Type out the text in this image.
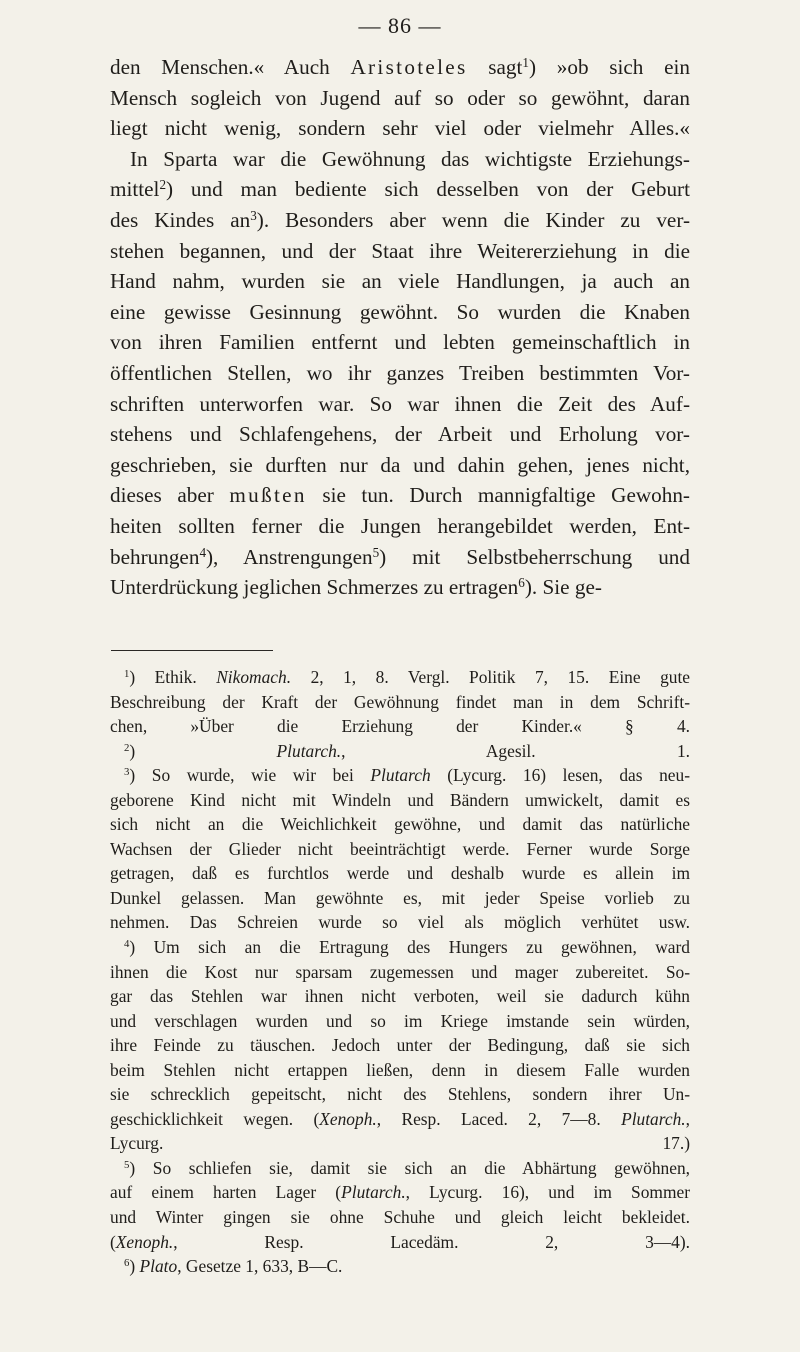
— 86 —
den Menschen.« Auch Aristoteles sagt$^1$) »ob sich ein
Mensch sogleich von Jugend auf so oder so gewöhnt, daran
liegt nicht wenig, sondern sehr viel oder vielmehr Alles.«
In Sparta war die Gewöhnung das wichtigste Erziehungs-
mittel$^2$) und man bediente sich desselben von der Geburt
des Kindes $an^3$). Besonders aber wenn die Kinder zu ver-
stehen begannen, und der Staat ihre Weitererziehung in die
Hand nahm, wurden sie an viele Handlungen, ja auch an
eine gewisse Gesinnung gewöhnt. So wurden die Knaben
von ihren Familien entfernt und lebten gemeinschaftlich in
öffentlichen Stellen, wo ihr ganzes Treiben bestimmten Vor-
schriften unterworfen war. So war ihnen die Zeit des Auf-
stehens und Schlafengehens, der Arbeit und Erholung vor-
geschrieben, sie durften nur da und dahin gehen, jenes nicht,
dieses aber mußten sie tun. Durch mannigfaltige Gewohn-
heiten sollten ferner die Jungen herangebildet werden, Ent-
behrungen$^4$), Anstrengungen$^5$) mit Selbstbeherrschung und
Unterdrückung jeglichen Schmerzes zu ertragen$^6$). Sie ge-
$^1$) Ethik. Nikomach. 2, 1, 8. Vergl. Politik 7, 15. Eine gute
Beschreibung der Kraft der Gewöhnung findet man in dem Schrift-
chen, »Über die Erziehung der Kinder.« § 4.
$^2$) Plutarch., Agesil. 1.
$^3$) So wurde, wie wir bei Plutarch (Lycurg. 16) lesen, das neu-
geborene Kind nicht mit Windeln und Bändern umwickelt, damit es
sich nicht an die Weichlichkeit gewöhne, und damit das natürliche
Wachsen der Glieder nicht beeinträchtigt werde. Ferner wurde Sorge
getragen, daß es furchtlos werde und deshalb wurde es allein im
Dunkel gelassen. Man gewöhnte es, mit jeder Speise vorlieb zu
nehmen. Das Schreien wurde so viel als möglich verhütet usw.
$^4$) Um sich an die Ertragung des Hungers zu gewöhnen, ward
ihnen die Kost nur sparsam zugemessen und mager zubereitet. So-
gar das Stehlen war ihnen nicht verboten, weil sie dadurch kühn
und verschlagen wurden und so im Kriege imstande sein würden,
ihre Feinde zu täuschen. Jedoch unter der Bedingung, daß sie sich
beim Stehlen nicht ertappen ließen, denn in diesem Falle wurden
sie schrecklich gepeitscht, nicht des Stehlens, sondern ihrer Un-
geschicklichkeit wegen. (Xenoph., Resp. Laced. 2, 7—8. Plutarch.,
Lycurg. 17.)
$^5$) So schliefen sie, damit sie sich an die Abhärtung gewöhnen,
auf einem harten Lager (Plutarch., Lycurg. 16), und im Sommer
und Winter gingen sie ohne Schuhe und gleich leicht bekleidet.
(Xenoph., Resp. Lacedäm. 2, 3—4).
$^6$) Plato, Gesetze 1, 633, B—C.
